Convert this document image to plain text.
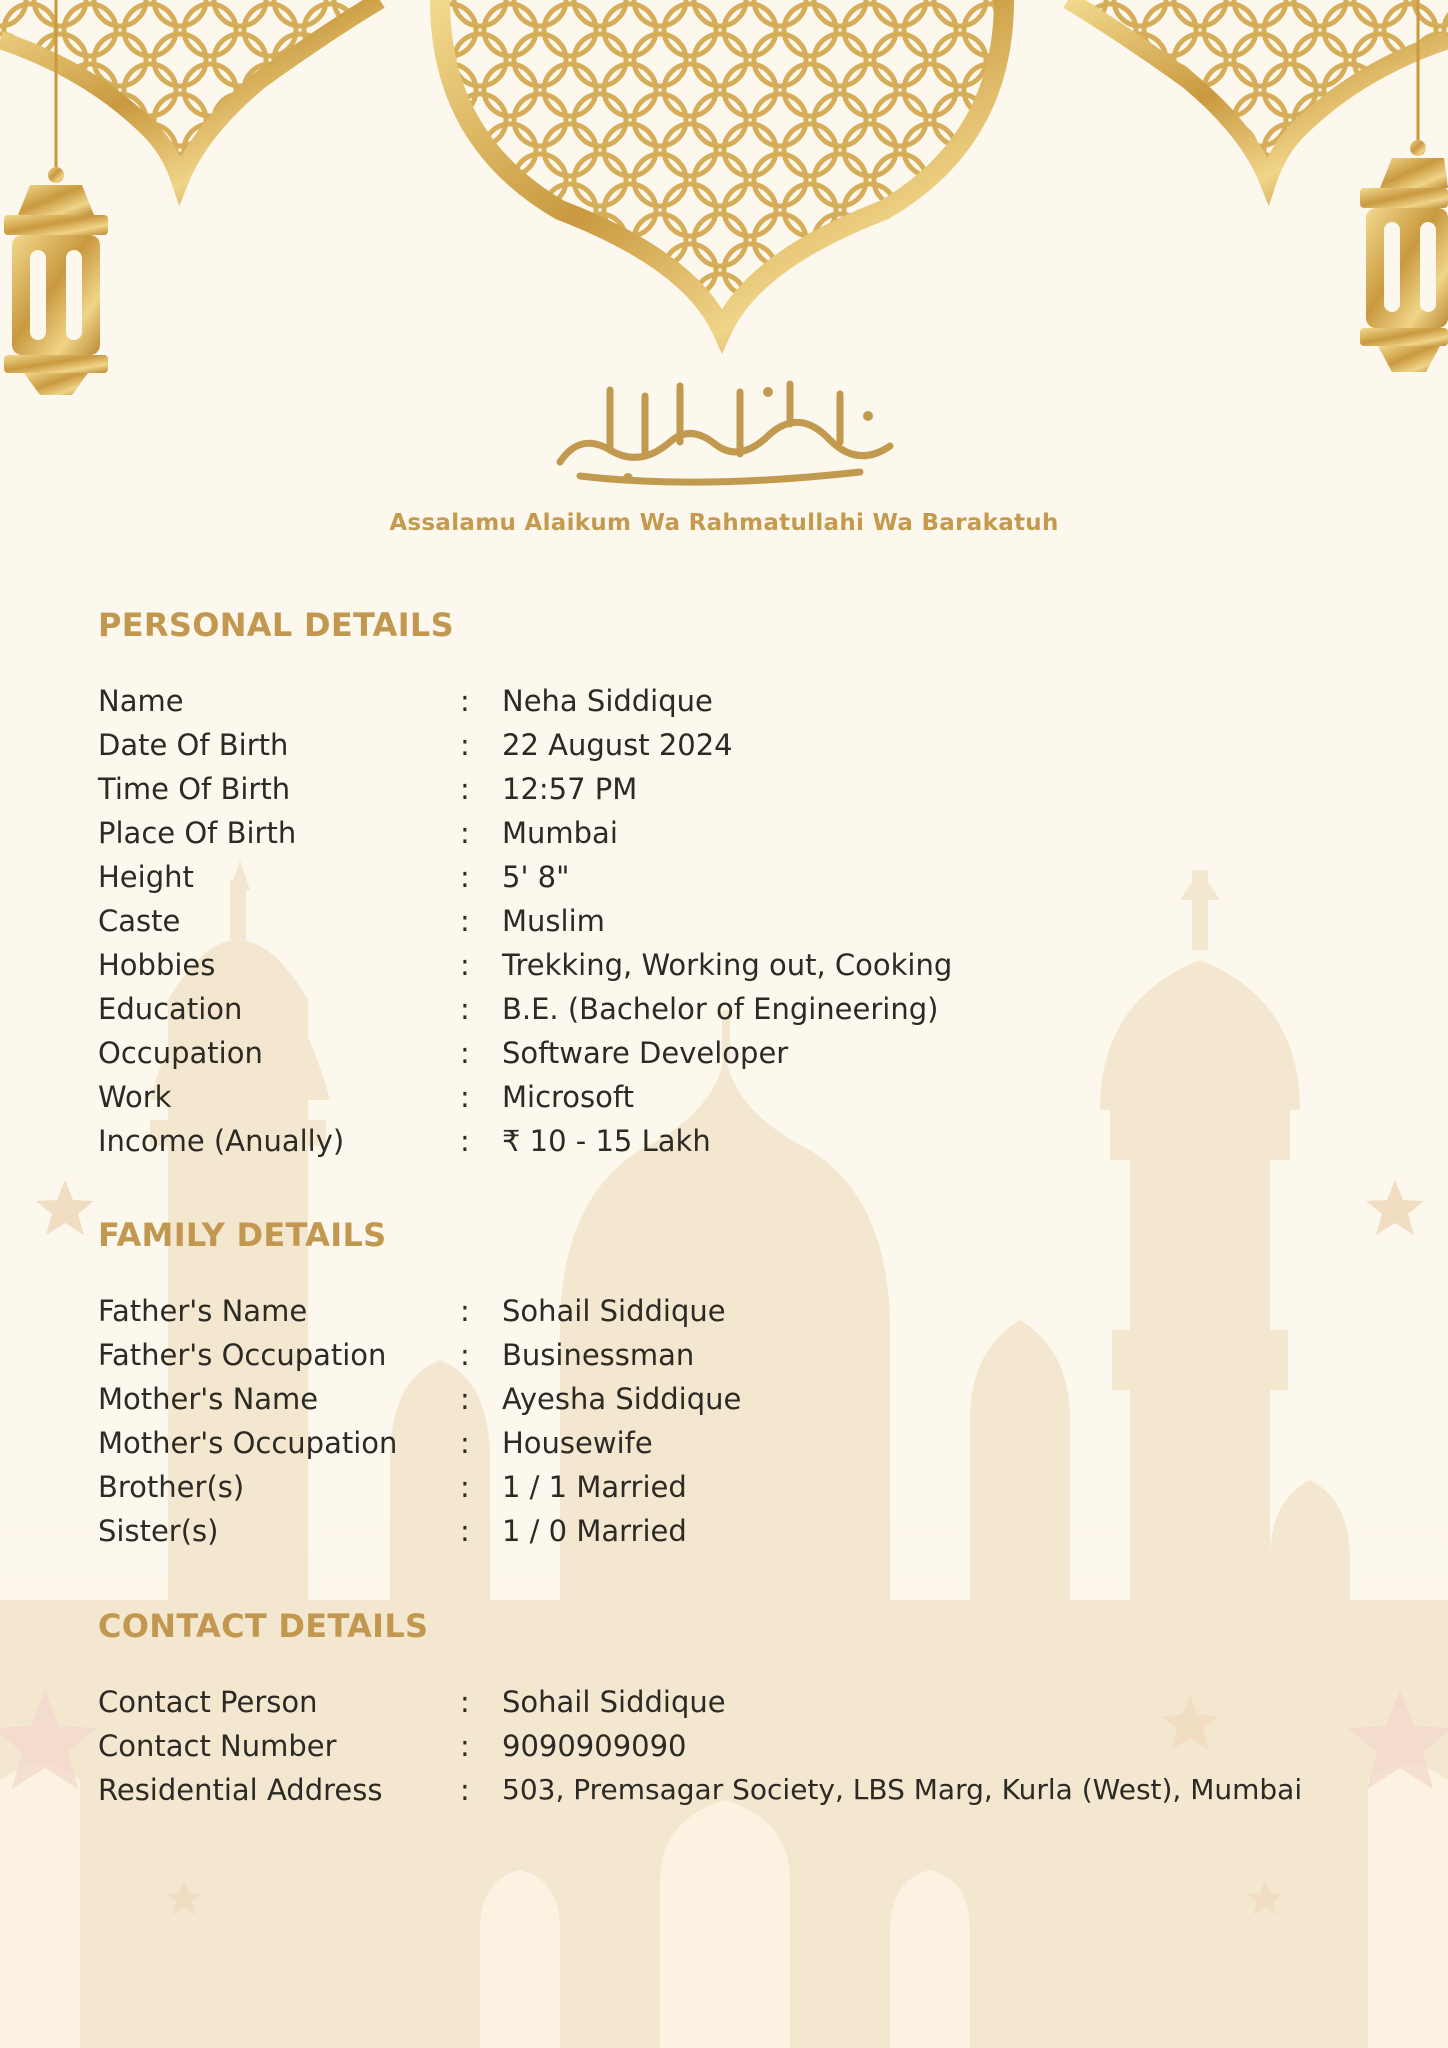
Assalamu Alaikum Wa Rahmatullahi Wa Barakatuh
PERSONAL DETAILS
Name	: Neha Siddique
Date Of Birth	: 22 August 2024
Time Of Birth	: 12:57 PM
Place Of Birth	: Mumbai
Height	: 5' 8"
Caste	: Muslim
Hobbies	: Trekking, Working out, Cooking
Education	: B.E. (Bachelor of Engineering)
Occupation	: Software Developer
Work	: Microsoft
Income (Anually)	: ₹ 10 - 15 Lakh
FAMILY DETAILS
Father's Name	: Sohail Siddique
Father's Occupation	: Businessman
Mother's Name	: Ayesha Siddique
Mother's Occupation : Housewife
Brother(s)	: 1 / 1 Married
Sister(s)	: 1 / 0 Married
CONTACT DETAILS
Contact Person	: Sohail Siddique
Contact Number	: 9090909090
Residential Address	: 503, Premsagar Society, LBS Marg, Kurla (West), Mumbai
